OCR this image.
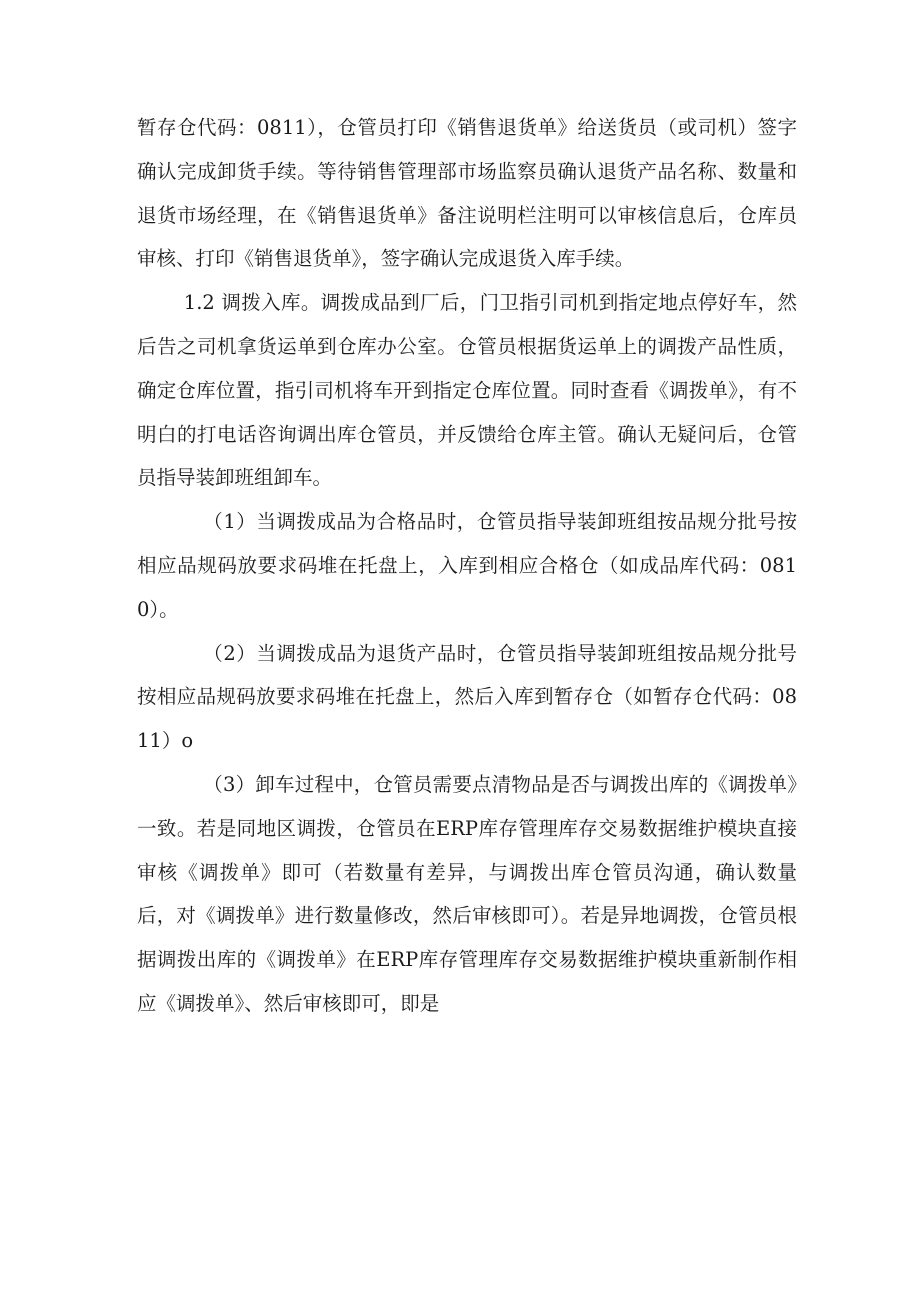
暂存仓代码：0811），仓管员打印《销售退货单》给送货员（或司机）签字确认完成卸货手续。等待销售管理部市场监察员确认退货产品名称、数量和退货市场经理，在《销售退货单》备注说明栏注明可以审核信息后，仓库员审核、打印《销售退货单》，签字确认完成退货入库手续。

1.2 调拨入库。调拨成品到厂后，门卫指引司机到指定地点停好车，然后告之司机拿货运单到仓库办公室。仓管员根据货运单上的调拨产品性质，确定仓库位置，指引司机将车开到指定仓库位置。同时查看《调拨单》，有不明白的打电话咨询调出库仓管员，并反馈给仓库主管。确认无疑问后，仓管员指导装卸班组卸车。

（1）当调拨成品为合格品时，仓管员指导装卸班组按品规分批号按相应品规码放要求码堆在托盘上，入库到相应合格仓（如成品库代码：0810）。

（2）当调拨成品为退货产品时，仓管员指导装卸班组按品规分批号按相应品规码放要求码堆在托盘上，然后入库到暂存仓（如暂存仓代码：0811）o

（3）卸车过程中，仓管员需要点清物品是否与调拨出库的《调拨单》一致。若是同地区调拨，仓管员在ERP库存管理库存交易数据维护模块直接审核《调拨单》即可（若数量有差异，与调拨出库仓管员沟通，确认数量后，对《调拨单》进行数量修改，然后审核即可）。若是异地调拨，仓管员根据调拨出库的《调拨单》在ERP库存管理库存交易数据维护模块重新制作相应《调拨单》、然后审核即可，即是
